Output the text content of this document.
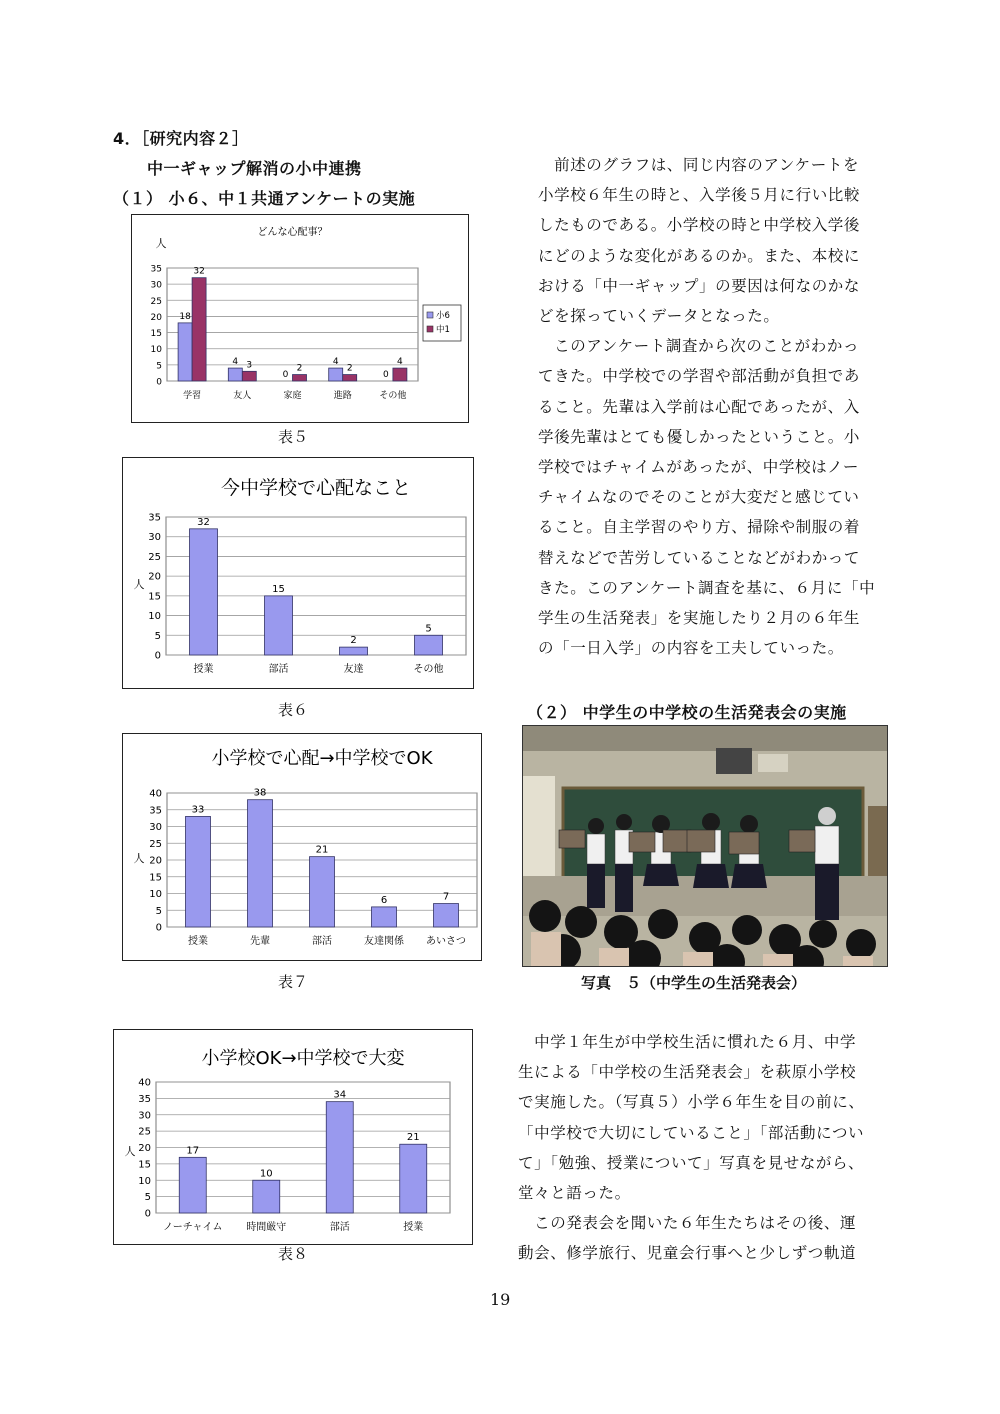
4．［研究内容２］
中一ギャップ解消の小中連携
（１） 小６、中１共通アンケートの実施
どんな心配事？
人
0
5
10
15
20
25
30
35
学習
18
32
友人
4 3
家庭
0
2
進路
4
2
その他
0
4
小6
中1
表５
今中学校で心配なこと
人
0
5
10
15
20
25
30
35
授業
32
部活
15
友達
2
その他
5
表６
小学校で心配→中学校でOK
人
0
5
10
15
20
25
30
35
40
授業
33
先輩
38
部活
21
友達関係
6
あいさつ
7
表７
小学校OK→中学校で大変
人
0
5
10
15
20
25
30
35
40
ノーチャイム
17
時間厳守
10
部活
34
授業
21
表８
　前述のグラフは、同じ内容のアンケートを
小学校６年生の時と、入学後５月に行い比較
したものである。小学校の時と中学校入学後
にどのような変化があるのか。また、本校に
おける「中一ギャップ」の要因は何なのかな
どを探っていくデータとなった。
　このアンケート調査から次のことがわかっ
てきた。中学校での学習や部活動が負担であ
ること。先輩は入学前は心配であったが、入
学後先輩はとても優しかったということ。小
学校ではチャイムがあったが、中学校はノー
チャイムなのでそのことが大変だと感じてい
ること。自主学習のやり方、掃除や制服の着
替えなどで苦労していることなどがわかって
きた。このアンケート調査を基に、６月に「中
学生の生活発表」を実施したり２月の６年生
の「一日入学」の内容を工夫していった。
（２） 中学生の中学校の生活発表会の実施
写真　５（中学生の生活発表会）
　中学１年生が中学校生活に慣れた６月、中学
生による「中学校の生活発表会」を萩原小学校
で実施した。（写真５）小学６年生を目の前に、
「中学校で大切にしていること」「部活動につい
て」「勉強、授業について」写真を見せながら、
堂々と語った。
　この発表会を聞いた６年生たちはその後、運
動会、修学旅行、児童会行事へと少しずつ軌道
19
